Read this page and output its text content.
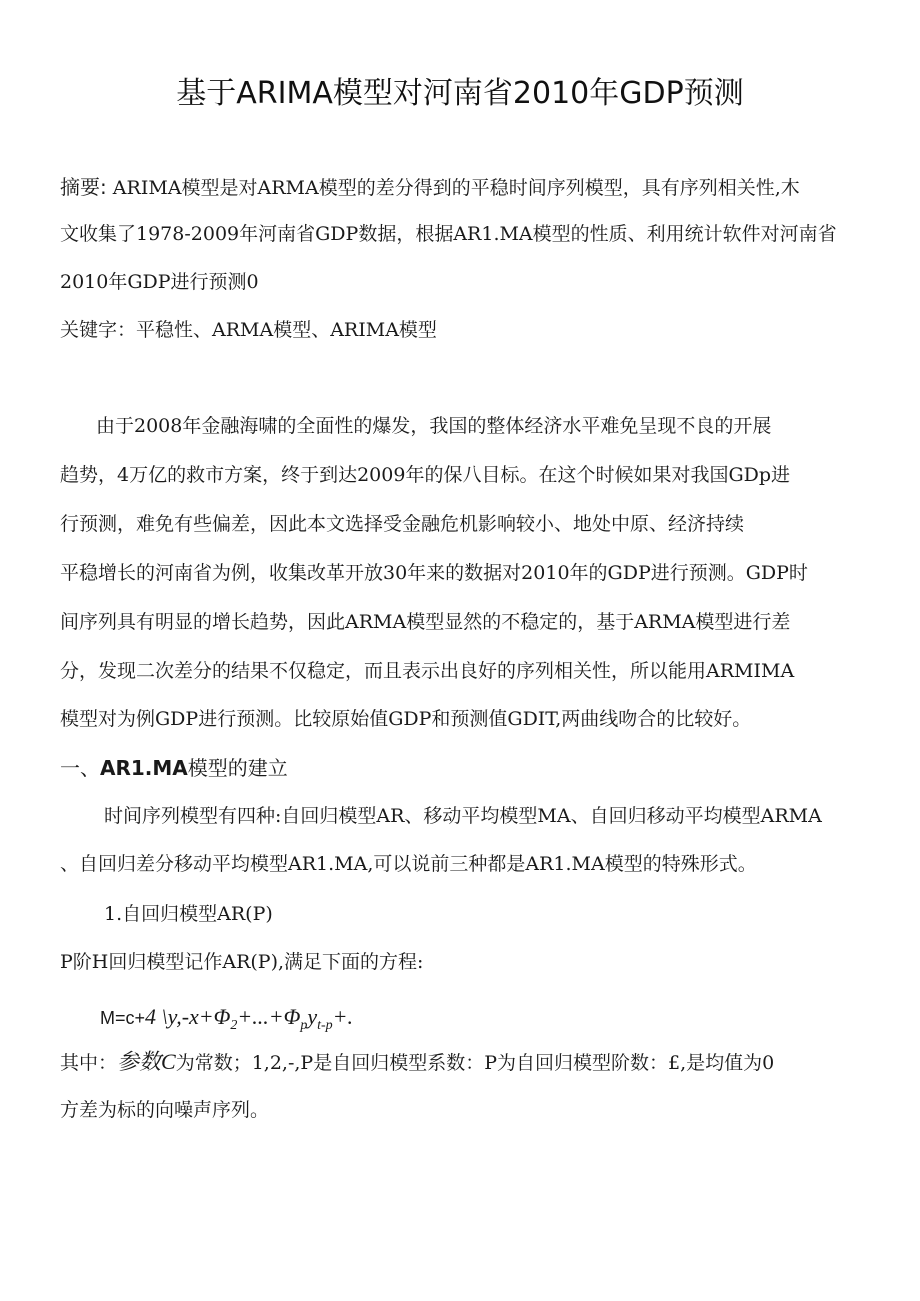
基于ARIMA模型对河南省2010年GDP预测
摘要: ARIMA模型是对ARMA模型的差分得到的平稳时间序列模型，具有序列相关性,木
文收集了1978-2009年河南省GDP数据，根据AR1.MA模型的性质、利用统计软件对河南省
2010年GDP进行预测0
关键字：平稳性、ARMA模型、ARIMA模型
由于2008年金融海啸的全面性的爆发，我国的整体经济水平难免呈现不良的开展
趋势，4万亿的救市方案，终于到达2009年的保八目标。在这个时候如果对我国GDp进
行预测，难免有些偏差，因此本文选择受金融危机影响较小、地处中原、经济持续
平稳增长的河南省为例，收集改革开放30年来的数据对2010年的GDP进行预测。GDP时
间序列具有明显的增长趋势，因此ARMA模型显然的不稳定的，基于ARMA模型进行差
分，发现二次差分的结果不仅稳定，而且表示出良好的序列相关性，所以能用ARMIMA
模型对为例GDP进行预测。比较原始值GDP和预测值GDIT,两曲线吻合的比较好。
一、AR1.MA模型的建立
时间序列模型有四种:自回归模型AR、移动平均模型MA、自回归移动平均模型ARMA
、自回归差分移动平均模型AR1.MA,可以说前三种都是AR1.MA模型的特殊形式。
1.自回归模型AR(P)
P阶H回归模型记作AR(P),满足下面的方程:
M=c+4 $\backslash y,-x+\Phi_2+...+\Phi_py_{t-p}+$.
其中：参数C为常数；1,2,-,P是自回归模型系数：P为自回归模型阶数：£,是均值为0
方差为标的向噪声序列。
